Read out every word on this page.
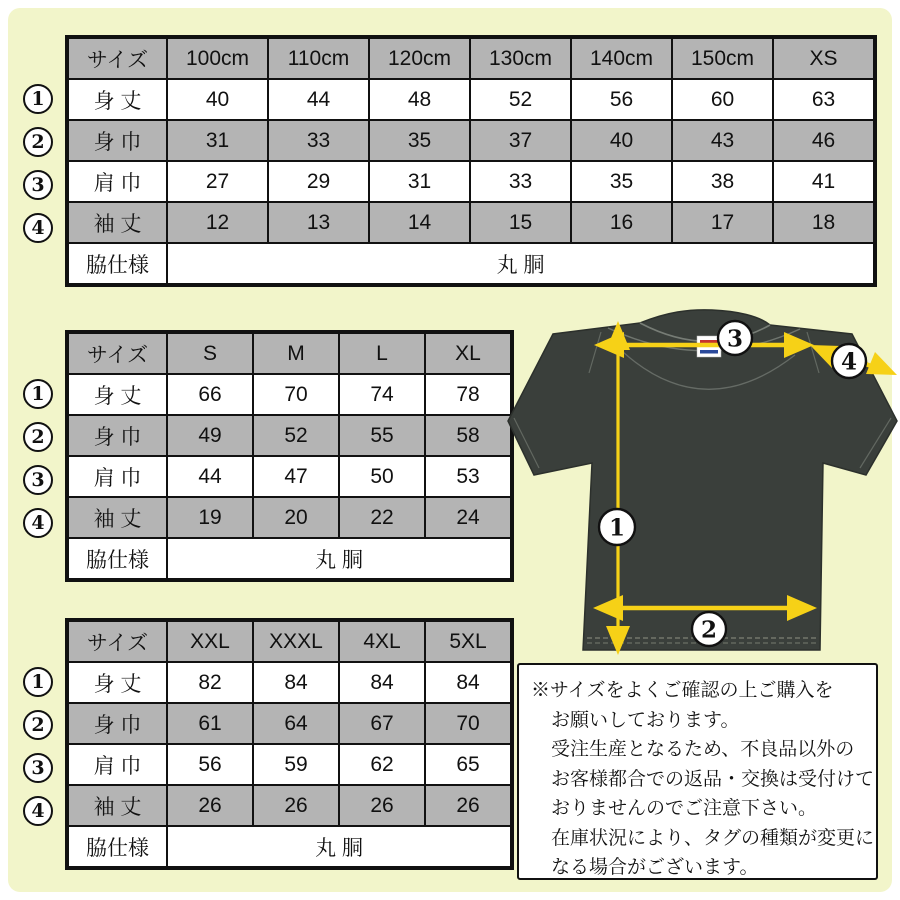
1
2
3
4
サイズ	100cm	110cm	120cm	130cm	140cm	150cm	XS
身 丈	40	44	48	52	56	60	63
身 巾	31	33	35	37	40	43	46
肩 巾	27	29	31	33	35	38	41
袖 丈	12	13	14	15	16	17	18
脇仕様	丸 胴						
1
2
3
4
サイズ	S	M	L	XL
身 丈	66	70	74	78
身 巾	49	52	55	58
肩 巾	44	47	50	53
袖 丈	19	20	22	24
脇仕様	丸 胴			
1
2
3
4
サイズ	XXL	XXXL	4XL	5XL
身 丈	82	84	84	84
身 巾	61	64	67	70
肩 巾	56	59	62	65
袖 丈	26	26	26	26
脇仕様	丸 胴			
1
2
3
4
※サイズをよくご確認の上ご購入を
お願いしております。
受注生産となるため、不良品以外の
お客様都合での返品・交換は受付けて
おりませんのでご注意下さい。
在庫状況により、タグの種類が変更に
なる場合がございます。
